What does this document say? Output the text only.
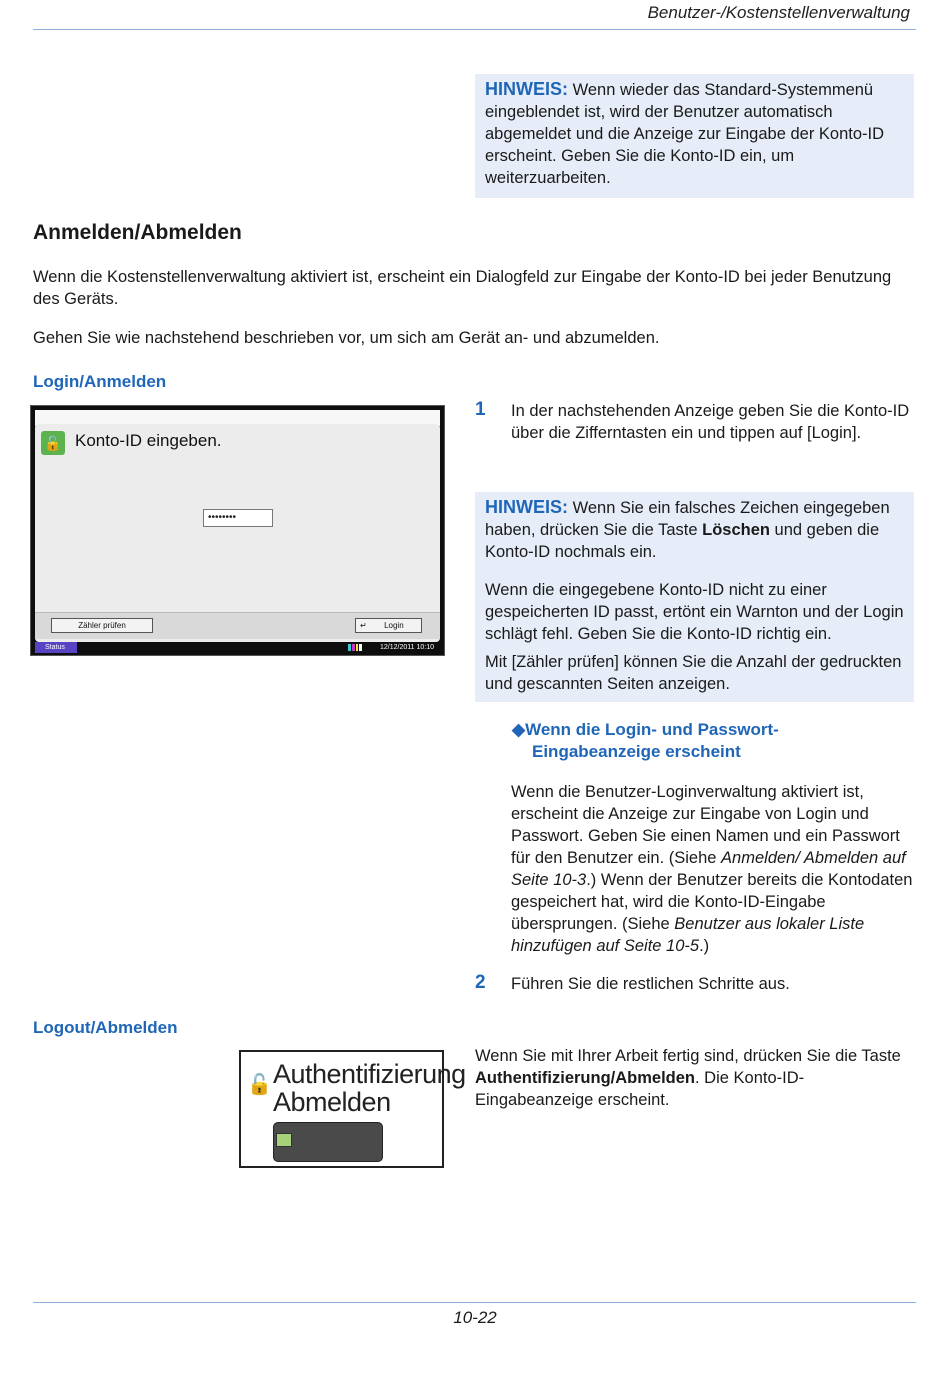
Benutzer-/Kostenstellenverwaltung

HINWEIS: Wenn wieder das Standard-Systemmenü eingeblendet ist, wird der Benutzer automatisch abgemeldet und die Anzeige zur Eingabe der Konto-ID erscheint. Geben Sie die Konto-ID ein, um weiterzuarbeiten.

Anmelden/Abmelden

Wenn die Kostenstellenverwaltung aktiviert ist, erscheint ein Dialogfeld zur Eingabe der Konto-ID bei jeder Benutzung des Geräts.

Gehen Sie wie nachstehend beschrieben vor, um sich am Gerät an- und abzumelden.

Login/Anmelden
🔓 Konto-ID eingeben.
••••••••
Zähler prüfen	↵ Login
Status	12/12/2011 10:10
1 In der nachstehenden Anzeige geben Sie die Konto-ID über die Zifferntasten ein und tippen auf [Login].

HINWEIS: Wenn Sie ein falsches Zeichen eingegeben haben, drücken Sie die Taste Löschen und geben die Konto-ID nochmals ein.

Wenn die eingegebene Konto-ID nicht zu einer gespeicherten ID passt, ertönt ein Warnton und der Login schlägt fehl. Geben Sie die Konto-ID richtig ein.

Mit [Zähler prüfen] können Sie die Anzahl der gedruckten und gescannten Seiten anzeigen.

◆Wenn die Login- und Passwort-
Eingabeanzeige erscheint

Wenn die Benutzer-Loginverwaltung aktiviert ist, erscheint die Anzeige zur Eingabe von Login und Passwort. Geben Sie einen Namen und ein Passwort für den Benutzer ein. (Siehe Anmelden/ Abmelden auf Seite 10-3.) Wenn der Benutzer bereits die Kontodaten gespeichert hat, wird die Konto-ID-Eingabe übersprungen. (Siehe Benutzer aus lokaler Liste hinzufügen auf Seite 10-5.)

2 Führen Sie die restlichen Schritte aus.

Logout/Abmelden
🔓 Authentifizierung
Abmelden

Wenn Sie mit Ihrer Arbeit fertig sind, drücken Sie die Taste Authentifizierung/Abmelden. Die Konto-ID-Eingabeanzeige erscheint.

10-22
